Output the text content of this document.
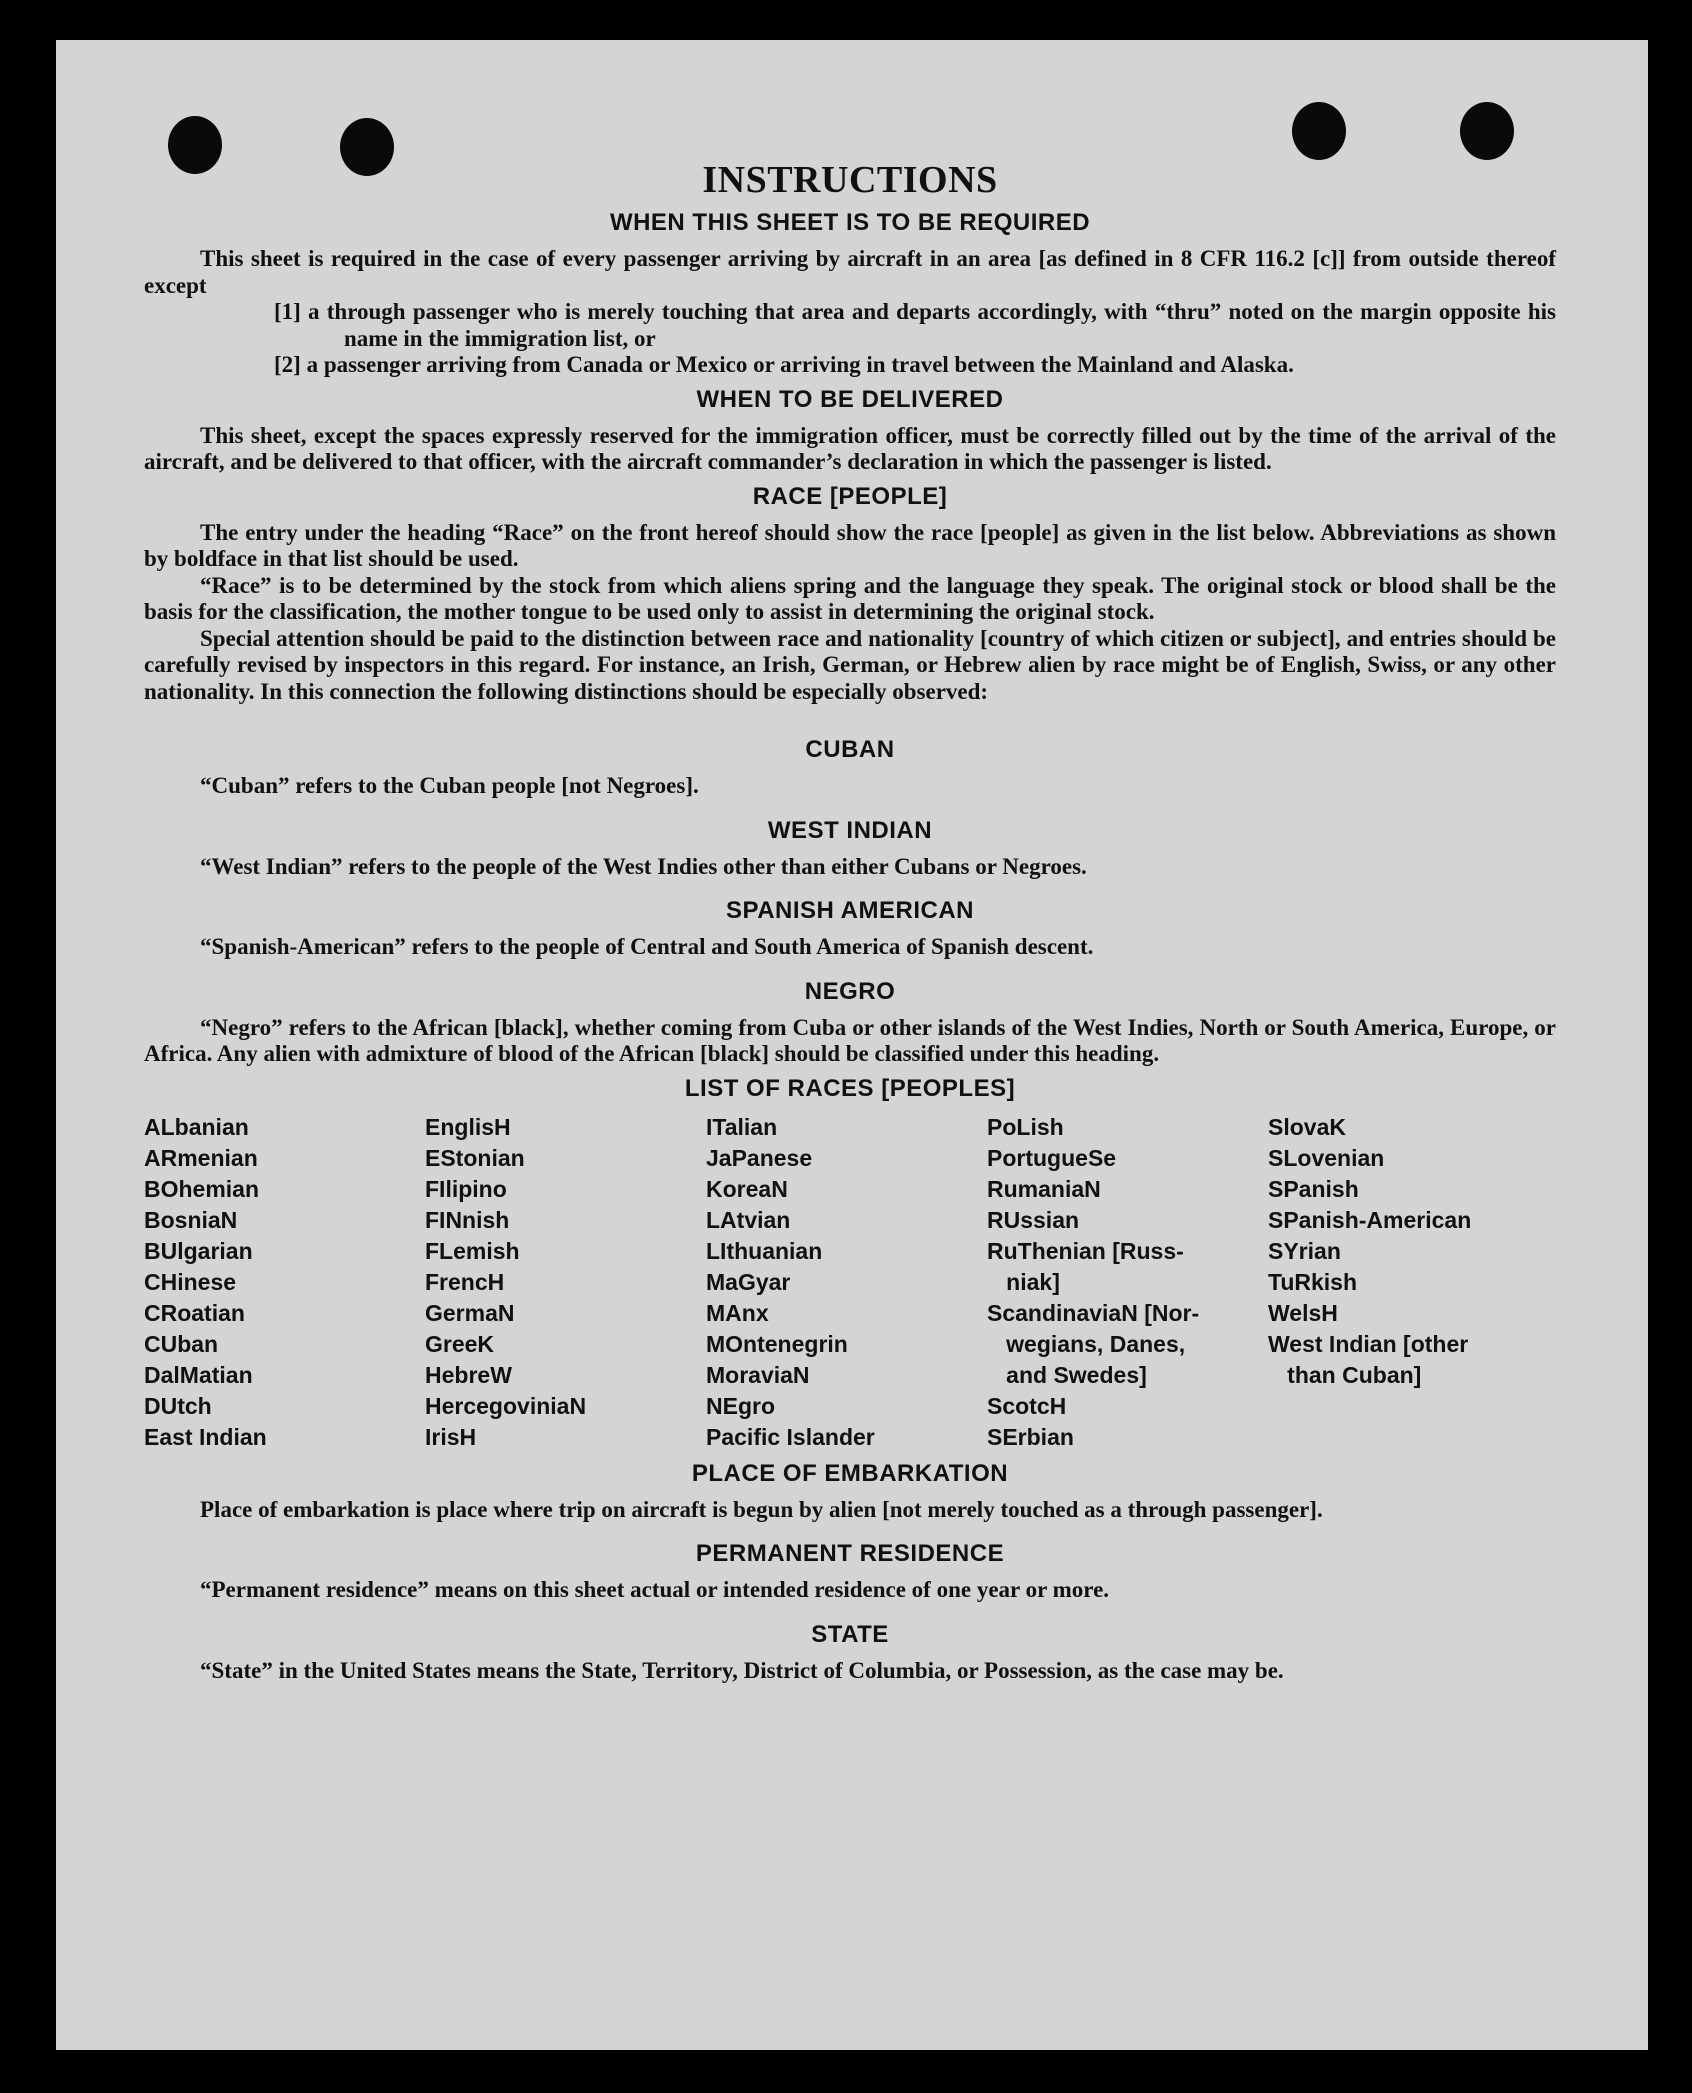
INSTRUCTIONS
WHEN THIS SHEET IS TO BE REQUIRED

This sheet is required in the case of every passenger arriving by aircraft in an area [as defined in 8 CFR 116.2 [c]] from outside thereof except

[1] a through passenger who is merely touching that area and departs accordingly, with “thru” noted on the margin opposite his name in the immigration list, or

[2] a passenger arriving from Canada or Mexico or arriving in travel between the Mainland and Alaska.

WHEN TO BE DELIVERED

This sheet, except the spaces expressly reserved for the immigration officer, must be correctly filled out by the time of the arrival of the aircraft, and be delivered to that officer, with the aircraft commander’s declaration in which the passenger is listed.

RACE [PEOPLE]

The entry under the heading “Race” on the front hereof should show the race [people] as given in the list below. Abbreviations as shown by boldface in that list should be used.

“Race” is to be determined by the stock from which aliens spring and the language they speak. The original stock or blood shall be the basis for the classification, the mother tongue to be used only to assist in determining the original stock.

Special attention should be paid to the distinction between race and nationality [country of which citizen or subject], and entries should be carefully revised by inspectors in this regard. For instance, an Irish, German, or Hebrew alien by race might be of English, Swiss, or any other nationality. In this connection the following distinctions should be especially observed:

CUBAN

“Cuban” refers to the Cuban people [not Negroes].

WEST INDIAN

“West Indian” refers to the people of the West Indies other than either Cubans or Negroes.

SPANISH AMERICAN

“Spanish-American” refers to the people of Central and South America of Spanish descent.

NEGRO

“Negro” refers to the African [black], whether coming from Cuba or other islands of the West Indies, North or South America, Europe, or Africa. Any alien with admixture of blood of the African [black] should be classified under this heading.

LIST OF RACES [PEOPLES]
ALbanian
ARmenian
BOhemian
BosniaN
BUlgarian
CHinese
CRoatian
CUban
DalMatian
DUtch
East Indian
EnglisH
EStonian
FIlipino
FINnish
FLemish
FrencH
GermaN
GreeK
HebreW
HercegoviniaN
IrisH
ITalian
JaPanese
KoreaN
LAtvian
LIthuanian
MaGyar
MAnx
MOntenegrin
MoraviaN
NEgro
Pacific Islander
PoLish
PortugueSe
RumaniaN
RUssian
RuThenian [Russ-
niak]
ScandinaviaN [Nor-
wegians, Danes,
and Swedes]
ScotcH
SErbian
SlovaK
SLovenian
SPanish
SPanish-American
SYrian
TuRkish
WelsH
West Indian [other
than Cuban]
PLACE OF EMBARKATION

Place of embarkation is place where trip on aircraft is begun by alien [not merely touched as a through passenger].

PERMANENT RESIDENCE

“Permanent residence” means on this sheet actual or intended residence of one year or more.

STATE

“State” in the United States means the State, Territory, District of Columbia, or Possession, as the case may be.
